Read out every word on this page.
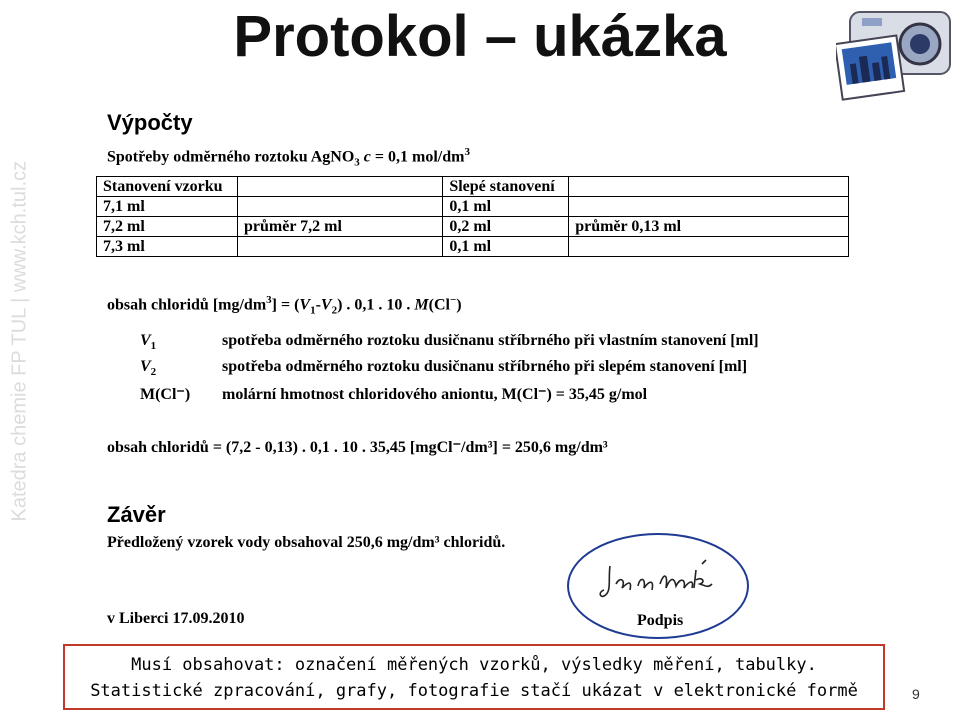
Protokol – ukázka
Katedra chemie FP TUL | www.kch.tul.cz
Výpočty
Spotřeby odměrného roztoku AgNO$_3$ c = 0,1 mol/$dm^3$
Stanovení vzorku		Slepé stanovení	
7,1 ml		0,1 ml	
7,2 ml	průměr 7,2 ml	0,2 ml	průměr 0,13 ml
7,3 ml		0,1 ml	
obsah chloridů $[mg/dm^3] = (V_1-V_2)$ . 0,1 . 10 . M(Cl−)
$V_1$	spotřeba odměrného roztoku dusičnanu stříbrného při vlastním stanovení [ml]
$V_2$	spotřeba odměrného roztoku dusičnanu stříbrného při slepém stanovení [ml]
M(Cl⁻) molární hmotnost chloridového aniontu, M(Cl⁻) = 35,45 g/mol
obsah chloridů = (7,2 - 0,13) . 0,1 . 10 . 35,45 [mgCl⁻/dm³] = 250,6 mg/dm³
Závěr
Předložený vzorek vody obsahoval 250,6 mg/dm³ chloridů.
v Liberci 17.09.2010	Podpis
Musí obsahovat: označení měřených vzorků, výsledky měření, tabulky.
Statistické zpracování, grafy, fotografie stačí ukázat v elektronické formě	9
